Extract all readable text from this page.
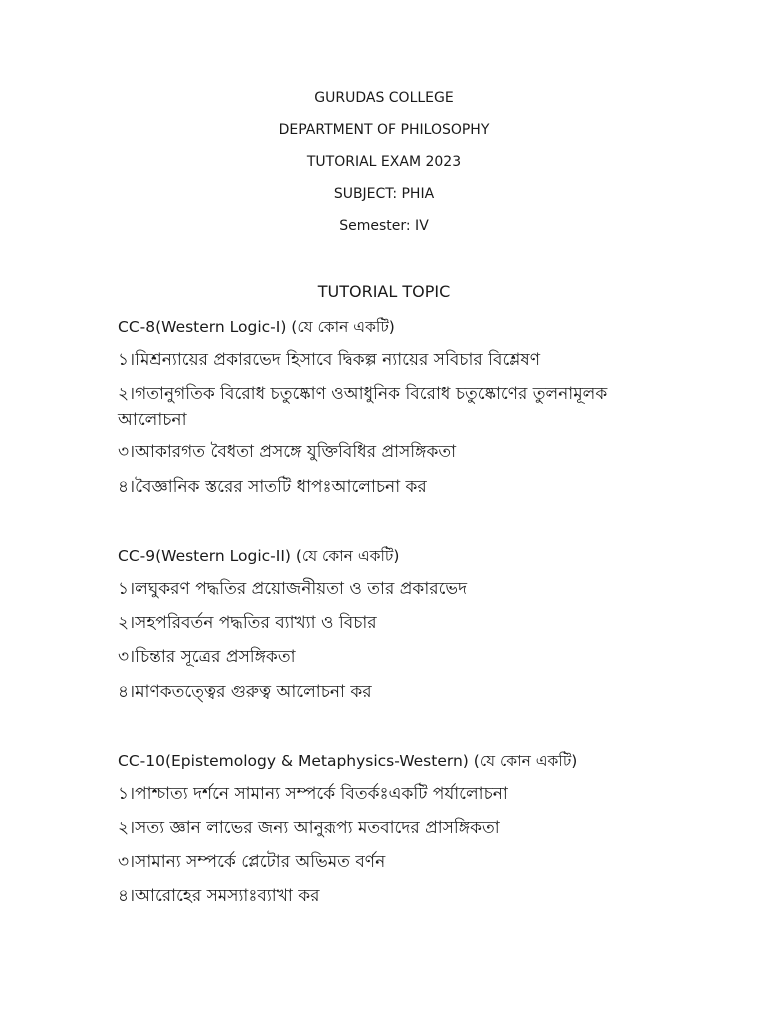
GURUDAS COLLEGE
DEPARTMENT OF PHILOSOPHY
TUTORIAL EXAM 2023
SUBJECT: PHIA
Semester: IV
TUTORIAL TOPIC
CC-8(Western Logic-I) (যে কোন একটি)
১।মিশ্রন্যায়ের প্রকারভেদ হিসাবে দ্বিকল্প ন্যায়ের সবিচার বিশ্লেষণ
২।গতানুগতিক বিরোধ চতুষ্কোণ ওআধুনিক বিরোধ চতুষ্কোণের তুলনামূলক আলোচনা
৩।আকারগত বৈধতা প্রসঙ্গে যুক্তিবিধির প্রাসঙ্গিকতা
৪।বৈজ্ঞানিক স্তরের সাতটি ধাপঃআলোচনা কর
CC-9(Western Logic-II) (যে কোন একটি)
১।লঘুকরণ পদ্ধতির প্রয়োজনীয়তা ও তার প্রকারভেদ
২।সহপরিবর্তন পদ্ধতির ব্যাখ্যা ও বিচার
৩।চিন্তার সূত্রের প্রসঙ্গিকতা
৪।মাণকতত্ত্বের গুরুত্ব আলোচনা কর
CC-10(Epistemology & Metaphysics-Western) (যে কোন একটি)
১।পাশ্চাত্য দর্শনে সামান্য সম্পর্কে বিতর্কঃএকটি পর্যালোচনা
২।সত্য জ্ঞান লাভের জন্য আনুরূপ্য মতবাদের প্রাসঙ্গিকতা
৩।সামান্য সম্পর্কে প্লেটোর অভিমত বর্ণন
৪।আরোহের সমস্যাঃব্যাখা কর
